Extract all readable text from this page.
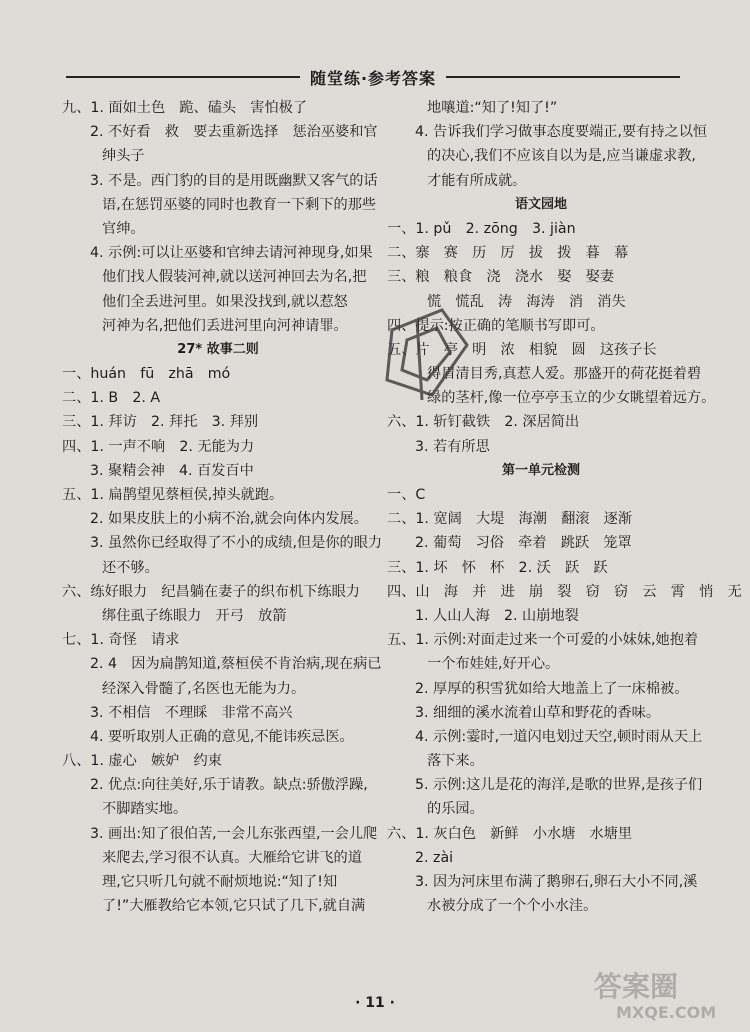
随堂练·参考答案
九、1. 面如土色　跪、磕头　害怕极了
2. 不好看　救　要去重新选择　惩治巫婆和官
绅头子
3. 不是。西门豹的目的是用既幽默又客气的话
语,在惩罚巫婆的同时也教育一下剩下的那些
官绅。
4. 示例:可以让巫婆和官绅去请河神现身,如果
他们找人假装河神,就以送河神回去为名,把
他们全丢进河里。如果没找到,就以惹怒
河神为名,把他们丢进河里向河神请罪。
27* 故事二则
一、huán　fū　zhā　mó
二、1. B　2. A
三、1. 拜访　2. 拜托　3. 拜别
四、1. 一声不响　2. 无能为力
3. 聚精会神　4. 百发百中
五、1. 扁鹊望见蔡桓侯,掉头就跑。
2. 如果皮肤上的小病不治,就会向体内发展。
3. 虽然你已经取得了不小的成绩,但是你的眼力
还不够。
六、练好眼力　纪昌躺在妻子的织布机下练眼力
绑住虱子练眼力　开弓　放箭
七、1. 奇怪　请求
2. 4　因为扁鹊知道,蔡桓侯不肯治病,现在病已
经深入骨髓了,名医也无能为力。
3. 不相信　不理睬　非常不高兴
4. 要听取别人正确的意见,不能讳疾忌医。
八、1. 虚心　嫉妒　约束
2. 优点:向往美好,乐于请教。缺点:骄傲浮躁,
不脚踏实地。
3. 画出:知了很伯苦,一会儿东张西望,一会儿爬
来爬去,学习很不认真。大雁给它讲飞的道
理,它只听几句就不耐烦地说:“知了!知
了!”大雁教给它本领,它只试了几下,就自满
地嚷道:“知了!知了!”
4. 告诉我们学习做事态度要端正,要有持之以恒
的决心,我们不应该自以为是,应当谦虚求教,
才能有所成就。
语文园地
一、1. pǔ　2. zōng　3. jiàn
二、寨　赛　历　厉　拔　拨　暮　幕
三、粮　粮食　浇　浇水　娶　娶妻
慌　慌乱　涛　海涛　消　消失
四、提示:按正确的笔顺书写即可。
五、片　亭　明　浓　相貌　圆　这孩子长
得眉清目秀,真惹人爱。那盛开的荷花挺着碧
绿的茎杆,像一位亭亭玉立的少女眺望着远方。
六、1. 斩钉截铁　2. 深居简出
3. 若有所思
第一单元检测
一、C
二、1. 宽阔　大堤　海潮　翻滚　逐渐
2. 葡萄　习俗　牵着　跳跃　笼罩
三、1. 坏　怀　杯　2. 沃　跃　跃
四、山　海　并　进　崩　裂　窃　窃　云　霄　悄　无
1. 人山人海　2. 山崩地裂
五、1. 示例:对面走过来一个可爱的小妹妹,她抱着
一个布娃娃,好开心。
2. 厚厚的积雪犹如给大地盖上了一床棉被。
3. 细细的溪水流着山草和野花的香味。
4. 示例:霎时,一道闪电划过天空,顿时雨从天上
落下来。
5. 示例:这儿是花的海洋,是歌的世界,是孩子们
的乐园。
六、1. 灰白色　新鲜　小水塘　水塘里
2. zài
3. 因为河床里布满了鹅卵石,卵石大小不同,溪
水被分成了一个个小水洼。
· 11 ·	答案圈
MXQE.COM
